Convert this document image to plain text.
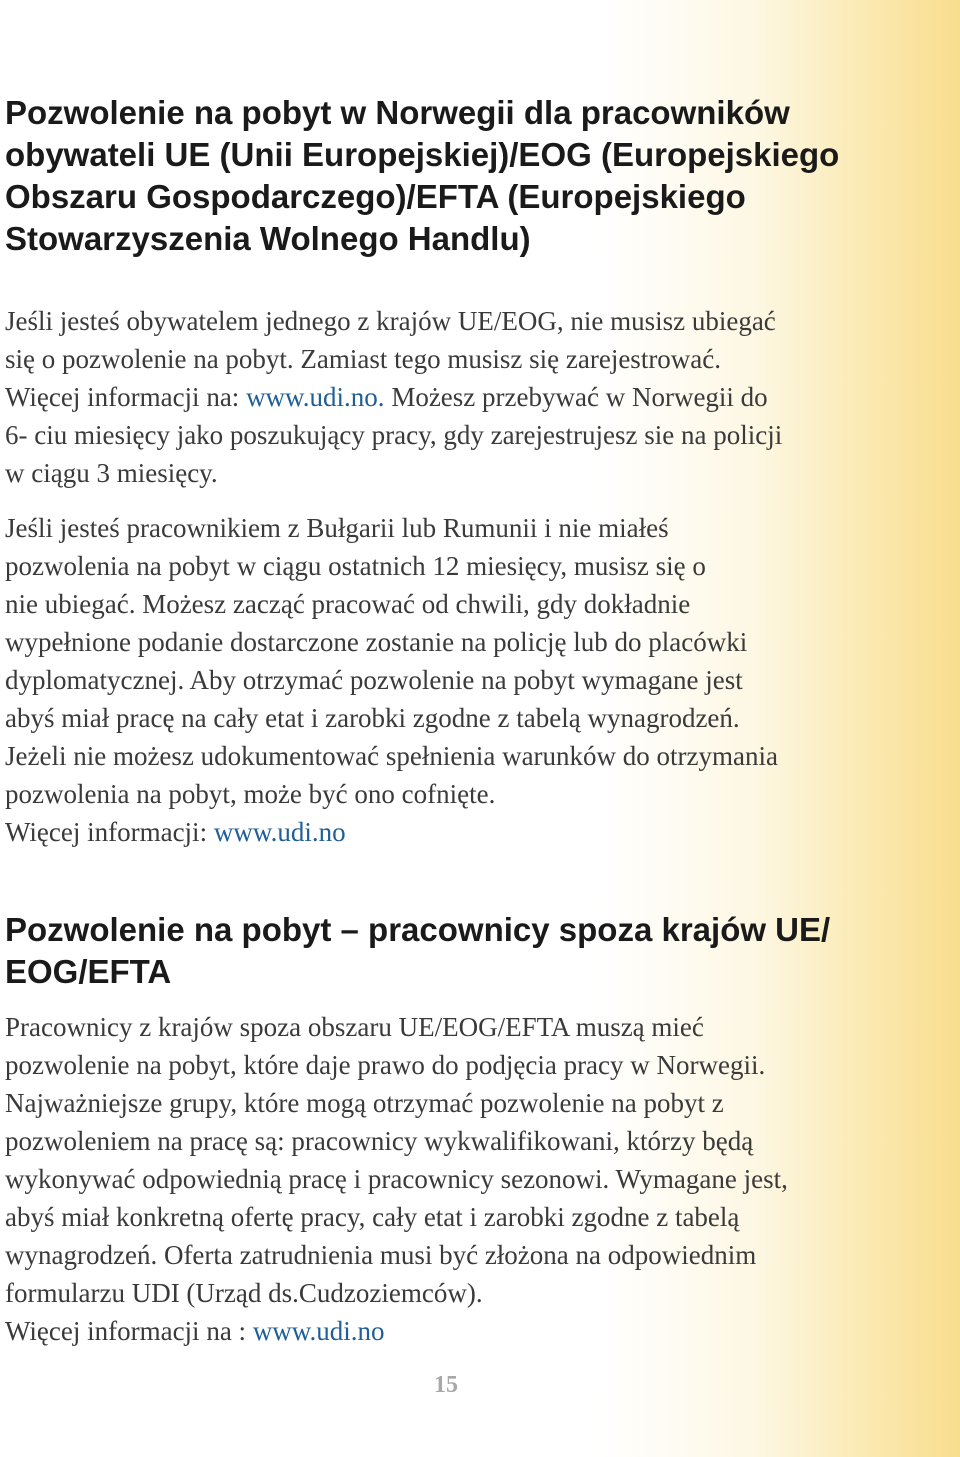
Pozwolenie na pobyt w Norwegii dla pracowników
obywateli UE (Unii Europejskiej)/EOG (Europejskiego
Obszaru Gospodarczego)/EFTA (Europejskiego
Stowarzyszenia Wolnego Handlu)

Jeśli jesteś obywatelem jednego z krajów UE/EOG, nie musisz ubiegać
się o pozwolenie na pobyt. Zamiast tego musisz się zarejestrować.
Więcej informacji na: www.udi.no. Możesz przebywać w Norwegii do
6- ciu miesięcy jako poszukujący pracy, gdy zarejestrujesz sie na policji
w ciągu 3 miesięcy.

Jeśli jesteś pracownikiem z Bułgarii lub Rumunii i nie miałeś
pozwolenia na pobyt w ciągu ostatnich 12 miesięcy, musisz się o
nie ubiegać. Możesz zacząć pracować od chwili, gdy dokładnie
wypełnione podanie dostarczone zostanie na policję lub do placówki
dyplomatycznej. Aby otrzymać pozwolenie na pobyt wymagane jest
abyś miał pracę na cały etat i zarobki zgodne z tabelą wynagrodzeń.
Jeżeli nie możesz udokumentować spełnienia warunków do otrzymania
pozwolenia na pobyt, może być ono cofnięte.
Więcej informacji: www.udi.no

Pozwolenie na pobyt – pracownicy spoza krajów UE/
EOG/EFTA

Pracownicy z krajów spoza obszaru UE/EOG/EFTA muszą mieć
pozwolenie na pobyt, które daje prawo do podjęcia pracy w Norwegii.
Najważniejsze grupy, które mogą otrzymać pozwolenie na pobyt z
pozwoleniem na pracę są: pracownicy wykwalifikowani, którzy będą
wykonywać odpowiednią pracę i pracownicy sezonowi. Wymagane jest,
abyś miał konkretną ofertę pracy, cały etat i zarobki zgodne z tabelą
wynagrodzeń. Oferta zatrudnienia musi być złożona na odpowiednim
formularzu UDI (Urząd ds.Cudzoziemców).
Więcej informacji na : www.udi.no

15
